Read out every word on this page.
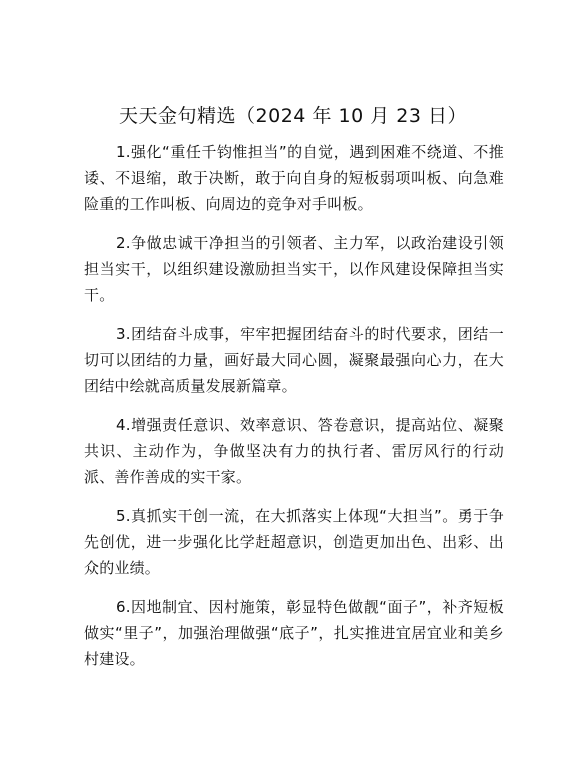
天天金句精选（2024 年 10 月 23 日）

1.强化“重任千钧惟担当”的自觉，遇到困难不绕道、不推诿、不退缩，敢于决断，敢于向自身的短板弱项叫板、向急难险重的工作叫板、向周边的竞争对手叫板。

2.争做忠诚干净担当的引领者、主力军，以政治建设引领担当实干，以组织建设激励担当实干，以作风建设保障担当实干。

3.团结奋斗成事，牢牢把握团结奋斗的时代要求，团结一切可以团结的力量，画好最大同心圆，凝聚最强向心力，在大团结中绘就高质量发展新篇章。

4.增强责任意识、效率意识、答卷意识，提高站位、凝聚共识、主动作为，争做坚决有力的执行者、雷厉风行的行动派、善作善成的实干家。

5.真抓实干创一流，在大抓落实上体现“大担当”。勇于争先创优，进一步强化比学赶超意识，创造更加出色、出彩、出众的业绩。

6.因地制宜、因村施策，彰显特色做靓“面子”，补齐短板做实“里子”，加强治理做强“底子”，扎实推进宜居宜业和美乡村建设。
